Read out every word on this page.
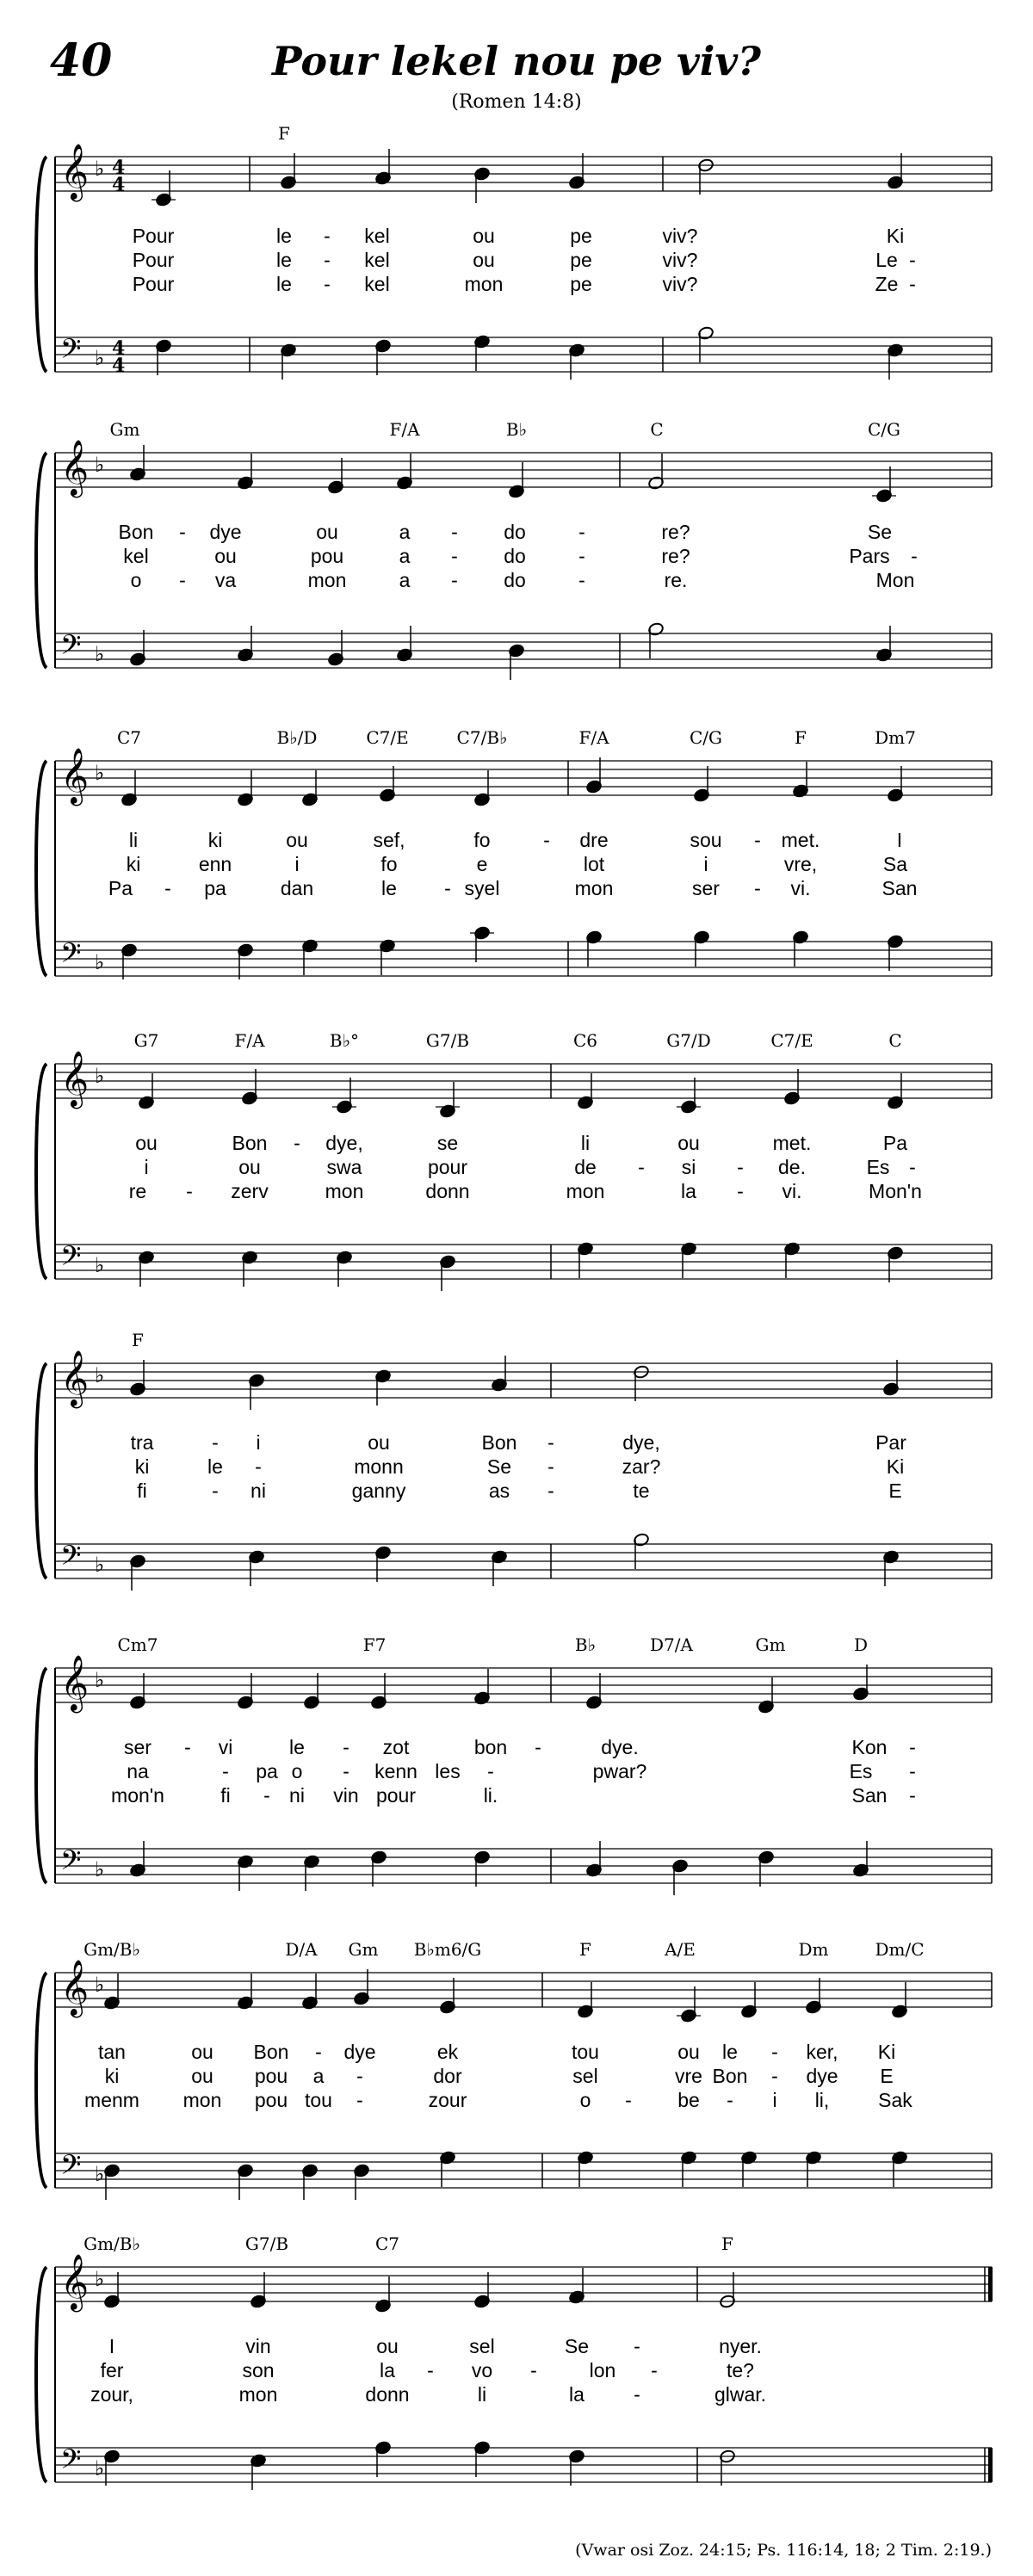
40	Pour lekel nou pe viv?
(Romen 14:8)
𝄞
𝄢
♭
♭
4
4
4
4
F
Pour	le - kel	ou	pe	viv?	Ki
Pour	le - kel	ou	pe	viv?	Le -
Pour	le - kel	mon	pe	viv?	Ze -
𝄞
𝄢
♭
♭
Gm	F/A	B♭	C	C/G
Bon - dye	ou	a - do	-	re?	Se
kel	ou	pou	a - do	-	re?	Pars -
o - va	mon	a - do	-	re.	Mon
𝄞
𝄢
♭
♭
C7	B♭/D	C7/E	C7/B♭	F/A	C/G	F	Dm7
li	ki	ou	sef,	fo	- dre	sou - met.	I
ki	enn	i	fo	e	lot	i	vre,	Sa
Pa - pa	dan	le - syel	mon	ser - vi.	San
𝄞
𝄢
♭
♭
G7	F/A	B♭°	G7/B	C6	G7/D	C7/E	C
ou	Bon - dye,	se	li	ou	met.	Pa
i	ou	swa	pour	de - si - de.	Es -
re - zerv	mon	donn	mon	la - vi.	Mon'n
𝄞
𝄢
♭
♭
F
tra	- i	ou	Bon -	dye,	Par
ki	le -	monn	Se -	zar?	Ki
fi	- ni	ganny	as -	te	E
𝄞
𝄢
♭
♭
Cm7	F7	B♭	D7/A	Gm	D
ser - vi	le - zot	bon -	dye.	Kon -
na	- pa o - kenn les -	pwar?	Es -
mon'n	fi - ni vin pour	li.	San -
𝄞
𝄢
♭
♭
Gm/B♭	D/A Gm B♭m6/G	F	A/E	Dm	Dm/C
tan	ou Bon - dye	ek	tou	ou le - ker, Ki
ki	ou pou a -	dor	sel	vre Bon - dye E
menm mon pou tou -	zour	o - be - i li, Sak
𝄞
𝄢
♭
♭
Gm/B♭	G7/B	C7	F
I	vin	ou	sel	Se -	nyer.
fer	son	la - vo -	lon -	te?
zour,	mon	donn	li	la -	glwar.
(Vwar osi Zoz. 24:15; Ps. 116:14, 18; 2 Tim. 2:19.)
